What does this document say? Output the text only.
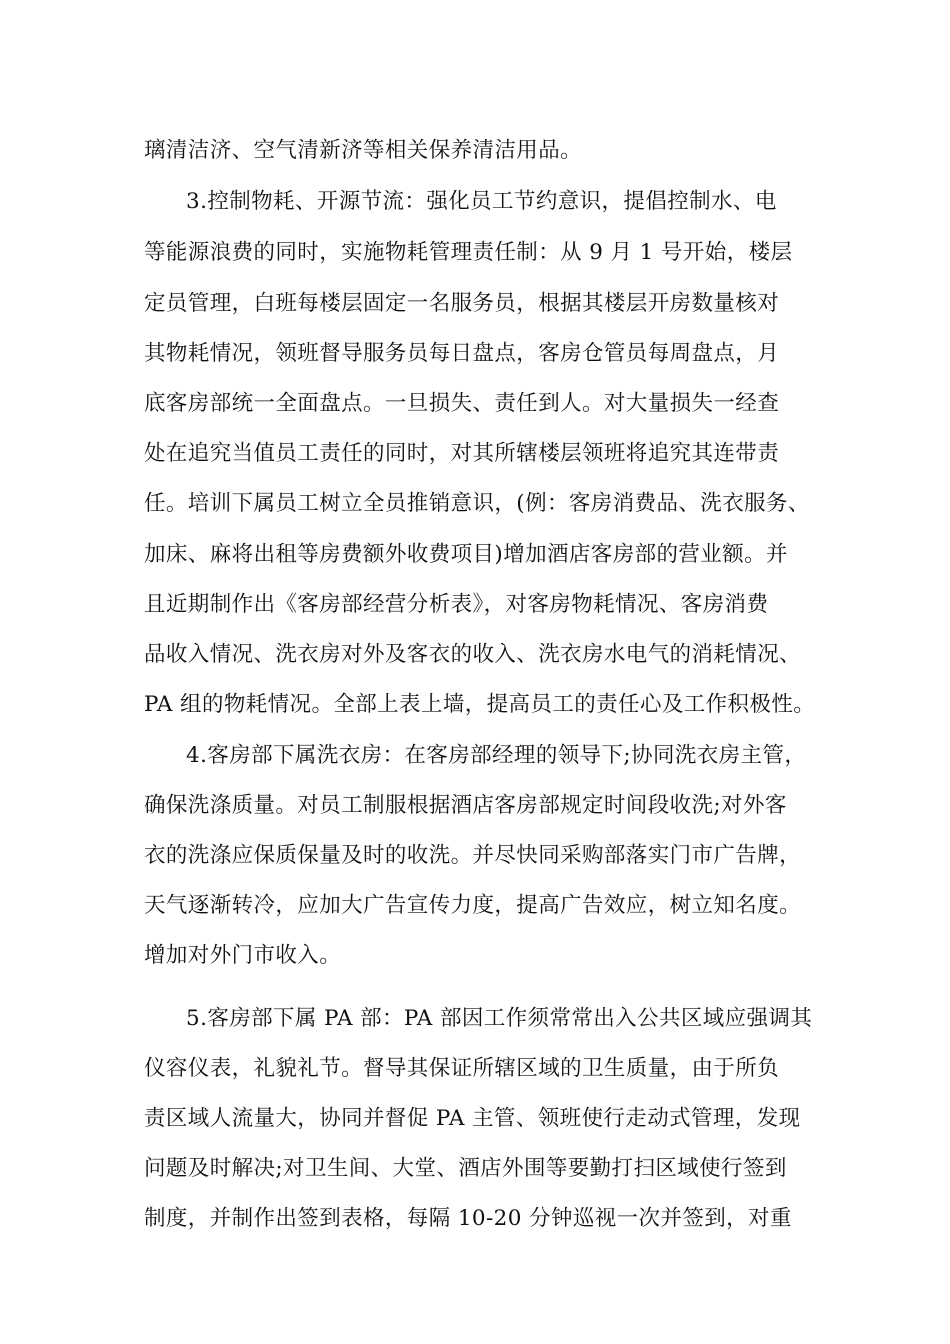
璃清洁济、空气清新济等相关保养清洁用品。
3.控制物耗、开源节流：强化员工节约意识，提倡控制水、电
等能源浪费的同时，实施物耗管理责任制：从 9 月 1 号开始，楼层
定员管理，白班每楼层固定一名服务员，根据其楼层开房数量核对
其物耗情况，领班督导服务员每日盘点，客房仓管员每周盘点，月
底客房部统一全面盘点。一旦损失、责任到人。对大量损失一经查
处在追究当值员工责任的同时，对其所辖楼层领班将追究其连带责
任。培训下属员工树立全员推销意识，(例：客房消费品、洗衣服务、
加床、麻将出租等房费额外收费项目)增加酒店客房部的营业额。并
且近期制作出《客房部经营分析表》，对客房物耗情况、客房消费
品收入情况、洗衣房对外及客衣的收入、洗衣房水电气的消耗情况、
PA 组的物耗情况。全部上表上墙，提高员工的责任心及工作积极性。
4.客房部下属洗衣房：在客房部经理的领导下;协同洗衣房主管，
确保洗涤质量。对员工制服根据酒店客房部规定时间段收洗;对外客
衣的洗涤应保质保量及时的收洗。并尽快同采购部落实门市广告牌，
天气逐渐转冷，应加大广告宣传力度，提高广告效应，树立知名度。
增加对外门市收入。
5.客房部下属 PA 部：PA 部因工作须常常出入公共区域应强调其
仪容仪表，礼貌礼节。督导其保证所辖区域的卫生质量，由于所负
责区域人流量大，协同并督促 PA 主管、领班使行走动式管理，发现
问题及时解决;对卫生间、大堂、酒店外围等要勤打扫区域使行签到
制度，并制作出签到表格，每隔 10-20 分钟巡视一次并签到，对重
